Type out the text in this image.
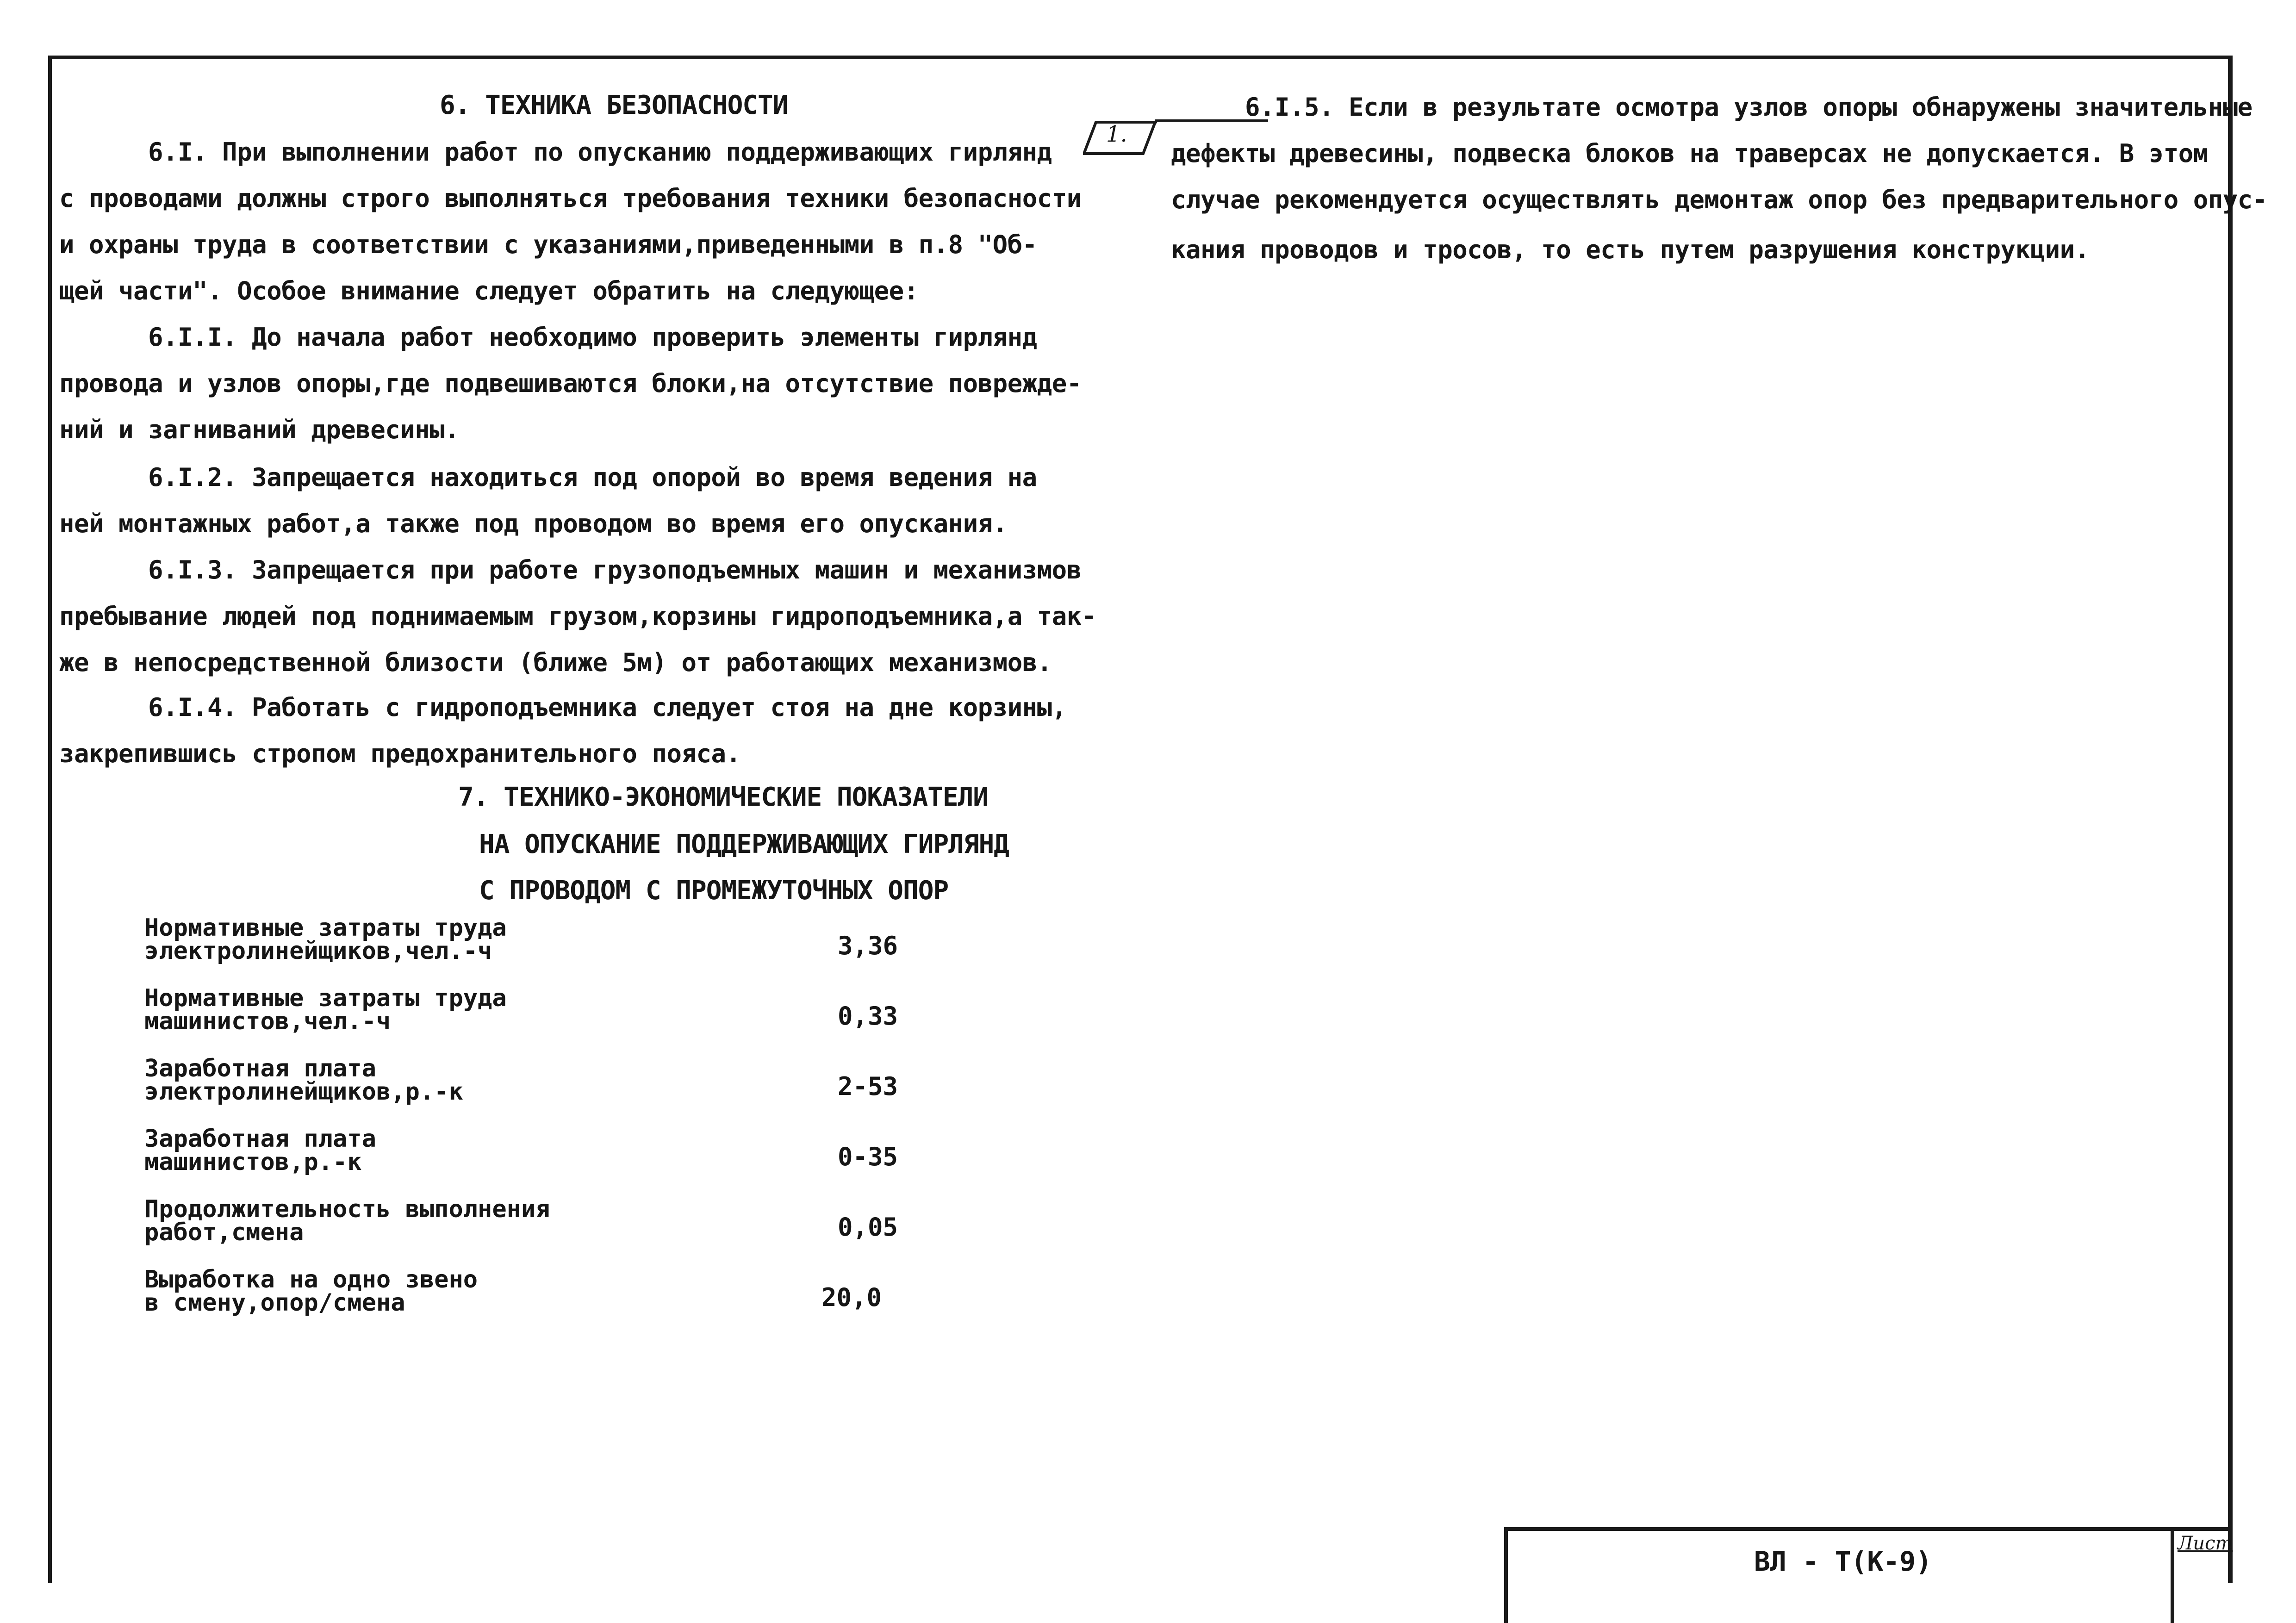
6. ТЕХНИКА БЕЗОПАСНОСТИ
6.I. При выполнении работ по опусканию поддерживающих гирлянд
с проводами должны строго выполняться требования техники безопасности
и охраны труда в соответствии с указаниями,приведенными в п.8 "Об-
щей части". Особое внимание следует обратить на следующее:
6.I.I. До начала работ необходимо проверить элементы гирлянд
провода и узлов опоры,где подвешиваются блоки,на отсутствие поврежде-
ний и загниваний древесины.
6.I.2. Запрещается находиться под опорой во время ведения на
ней монтажных работ,а также под проводом во время его опускания.
6.I.3. Запрещается при работе грузоподъемных машин и механизмов
пребывание людей под поднимаемым грузом,корзины гидроподъемника,а так-
же в непосредственной близости (ближе 5м) от работающих механизмов.
6.I.4. Работать с гидроподъемника следует стоя на дне корзины,
закрепившись стропом предохранительного пояса.
7. ТЕХНИКО-ЭКОНОМИЧЕСКИЕ ПОКАЗАТЕЛИ
НА ОПУСКАНИЕ ПОДДЕРЖИВАЮЩИХ ГИРЛЯНД
С ПРОВОДОМ С ПРОМЕЖУТОЧНЫХ ОПОР
Нормативные затраты труда
электролинейщиков,чел.-ч	3,36
Нормативные затраты труда
машинистов,чел.-ч	0,33
Заработная плата
электролинейщиков,р.-к	2-53
Заработная плата
машинистов,р.-к	0-35
Продолжительность выполнения
работ,смена	0,05
Выработка на одно звено
в смену,опор/смена	20,0
1.
6.I.5. Если в результате осмотра узлов опоры обнаружены значительные
дефекты древесины, подвеска блоков на траверсах не допускается. В этом
случае рекомендуется осуществлять демонтаж опор без предварительного опус-
кания проводов и тросов, то есть путем разрушения конструкции.
ВЛ - Т(К-9)
Лист
